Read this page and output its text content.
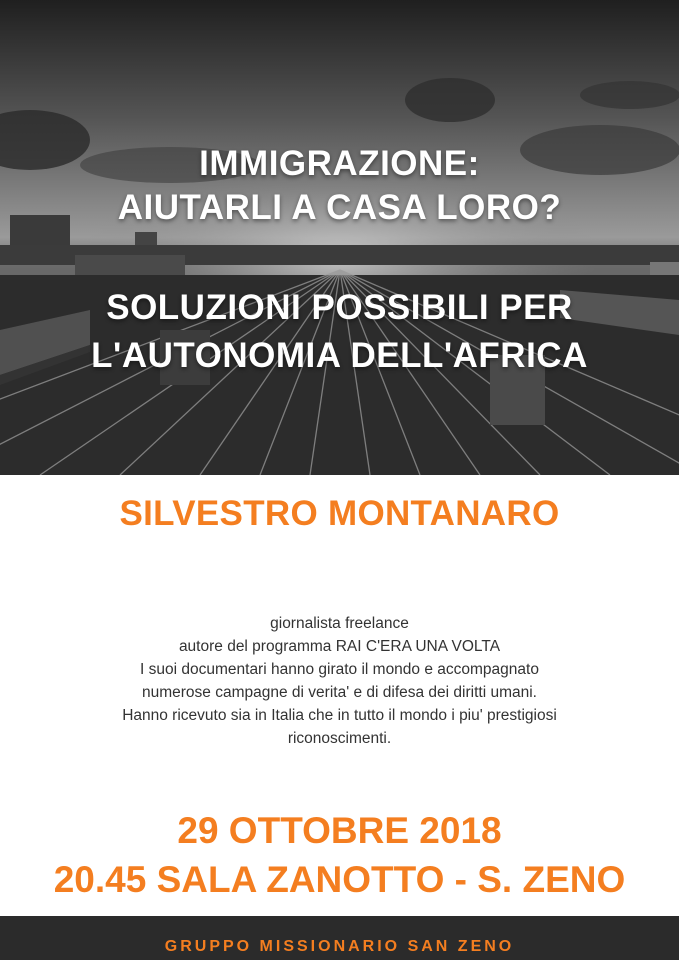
IMMIGRAZIONE:
AIUTARLI A CASA LORO?
SOLUZIONI POSSIBILI PER
L'AUTONOMIA DELL'AFRICA
SILVESTRO MONTANARO
giornalista freelance
autore del programma RAI C'ERA UNA VOLTA
I suoi documentari hanno girato il mondo e accompagnato
numerose campagne di verita' e di difesa dei diritti umani.
Hanno ricevuto sia in Italia che in tutto il mondo i piu' prestigiosi
riconoscimenti.
29 OTTOBRE 2018
20.45 SALA ZANOTTO - S. ZENO
GRUPPO MISSIONARIO SAN ZENO
